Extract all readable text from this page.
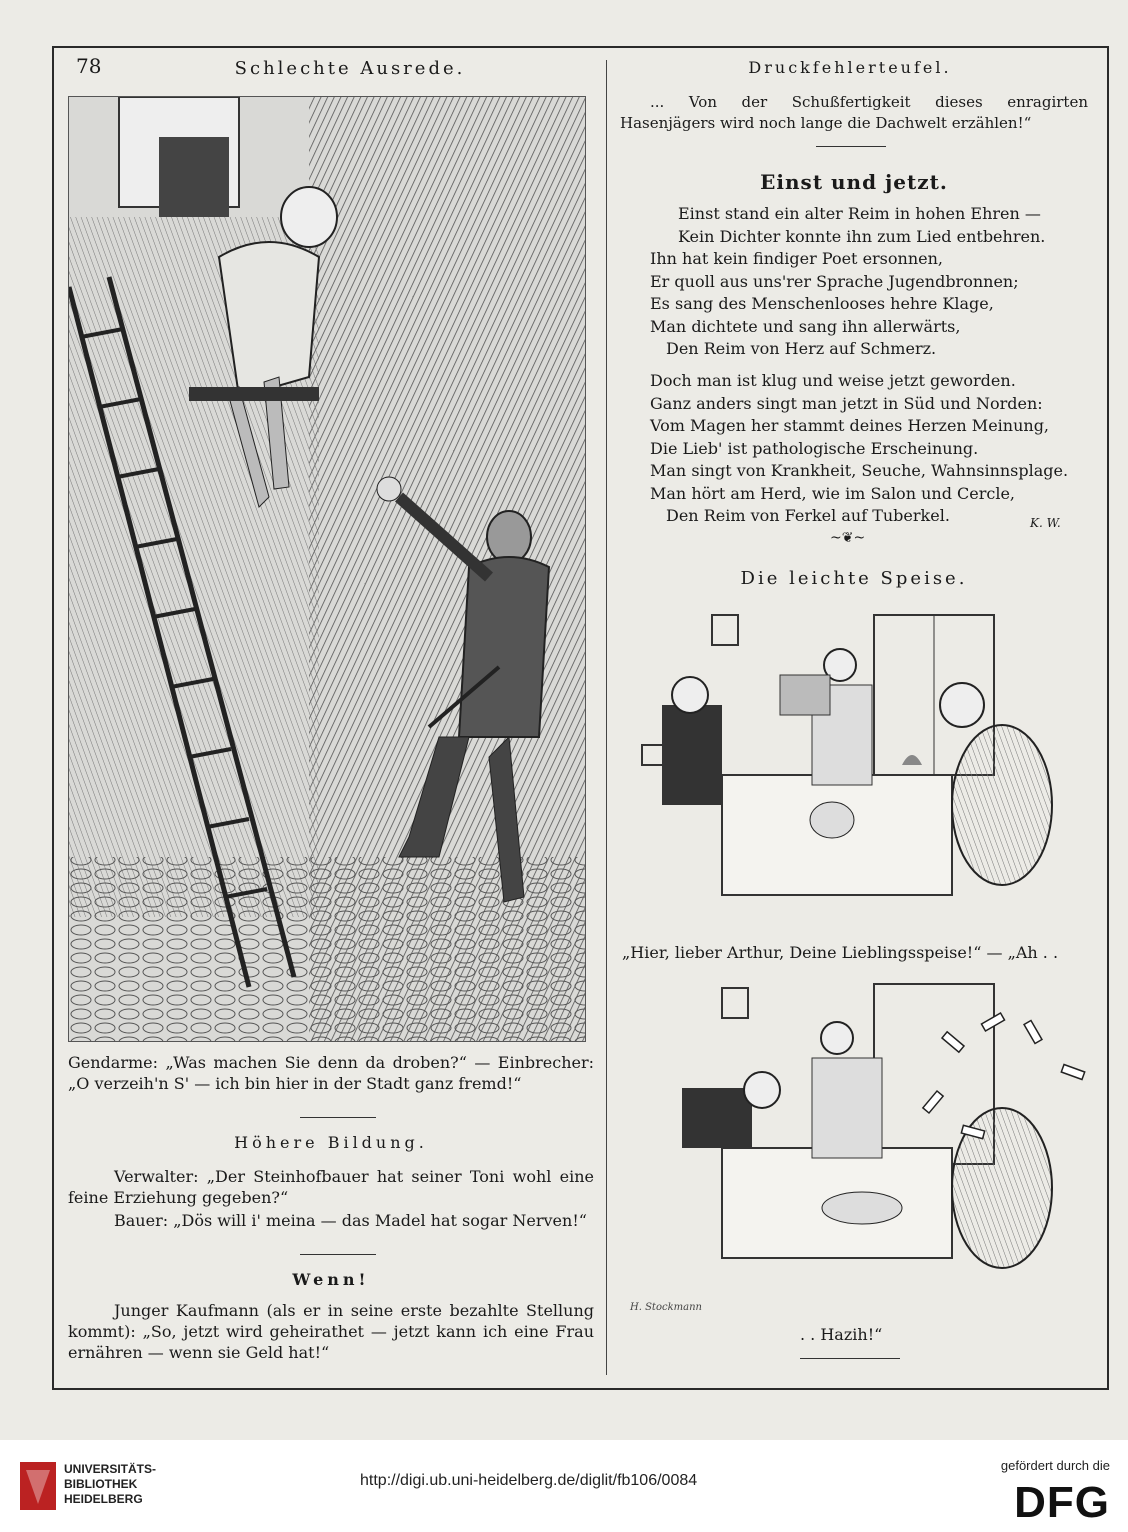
78	Schlechte Ausrede.	Druckfehlerteufel.
Gendarme: „Was machen Sie denn da droben?“ — Einbrecher: „O verzeih'n S' — ich bin hier in der Stadt ganz fremd!“
Höhere Bildung.
Verwalter: „Der Steinhofbauer hat seiner Toni wohl eine feine Erziehung gegeben?“
Bauer: „Dös will i' meina — das Madel hat sogar Nerven!“
Wenn!
Junger Kaufmann (als er in seine erste bezahlte Stellung kommt): „So, jetzt wird geheirathet — jetzt kann ich eine Frau ernähren — wenn sie Geld hat!“
... Von der Schußfertigkeit dieses enragirten Hasenjägers wird noch lange die Dachwelt erzählen!“
Einst und jetzt.
Einst stand ein alter Reim in hohen Ehren —
Kein Dichter konnte ihn zum Lied entbehren.
Ihn hat kein findiger Poet ersonnen,
Er quoll aus uns'rer Sprache Jugendbronnen;
Es sang des Menschenlooses hehre Klage,
Man dichtete und sang ihn allerwärts,
Den Reim von Herz auf Schmerz.
Doch man ist klug und weise jetzt geworden.
Ganz anders singt man jetzt in Süd und Norden:
Vom Magen her stammt deines Herzen Meinung,
Die Lieb' ist pathologische Erscheinung.
Man singt von Krankheit, Seuche, Wahnsinnsplage.
Man hört am Herd, wie im Salon und Cercle,
Den Reim von Ferkel auf Tuberkel.	K. W.
~❦~
Die leichte Speise.
„Hier, lieber Arthur, Deine Lieblingsspeise!“ — „Ah . .
H. Stockmann
. . Hazih!“
UNIVERSITÄTS-
BIBLIOTHEK
HEIDELBERG
http://digi.ub.uni-heidelberg.de/diglit/fb106/0084
gefördert durch die
DFG
